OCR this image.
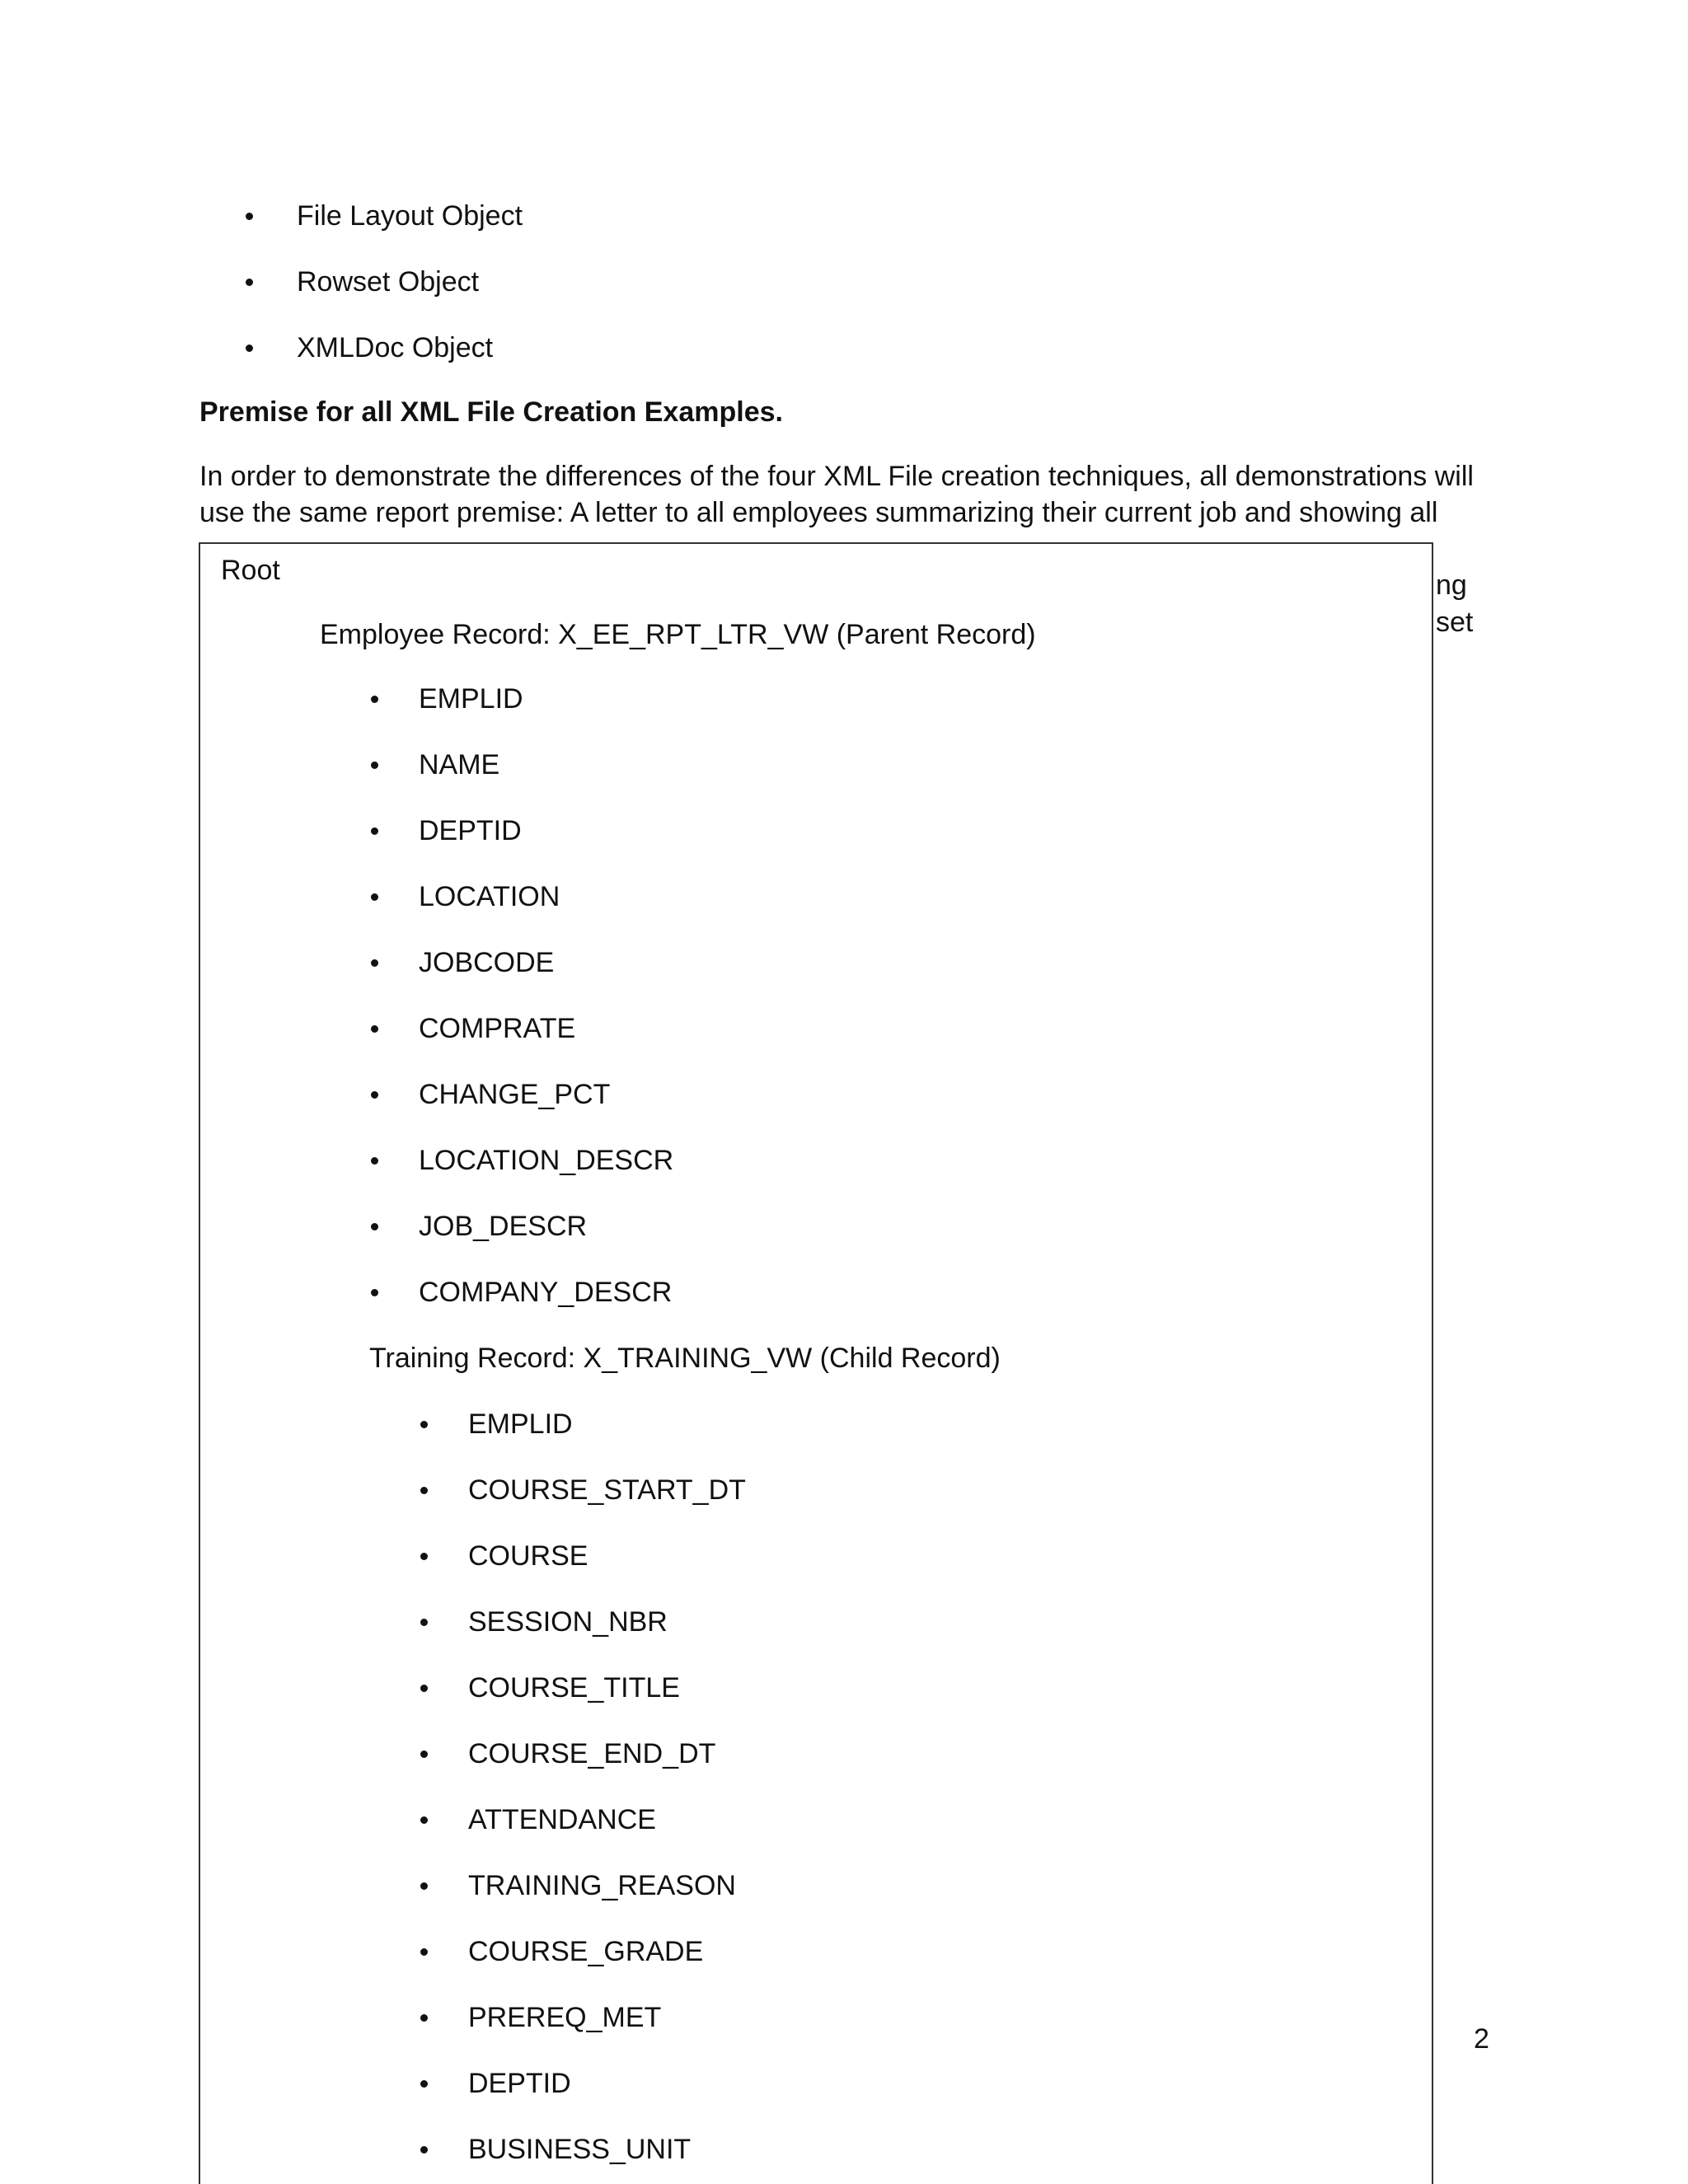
File Layout Object
Rowset Object
XMLDoc Object
Premise for all XML File Creation Examples.
In order to demonstrate the differences of the four XML File creation techniques, all demonstrations will
use the same report premise: A letter to all employees summarizing their current job and showing all
ng
set
Root
Employee Record: X_EE_RPT_LTR_VW (Parent Record)
EMPLID
NAME
DEPTID
LOCATION
JOBCODE
COMPRATE
CHANGE_PCT
LOCATION_DESCR
JOB_DESCR
COMPANY_DESCR
Training Record: X_TRAINING_VW (Child Record)
EMPLID
COURSE_START_DT
COURSE
SESSION_NBR
COURSE_TITLE
COURSE_END_DT
ATTENDANCE
TRAINING_REASON
COURSE_GRADE
PREREQ_MET
DEPTID
BUSINESS_UNIT
2
